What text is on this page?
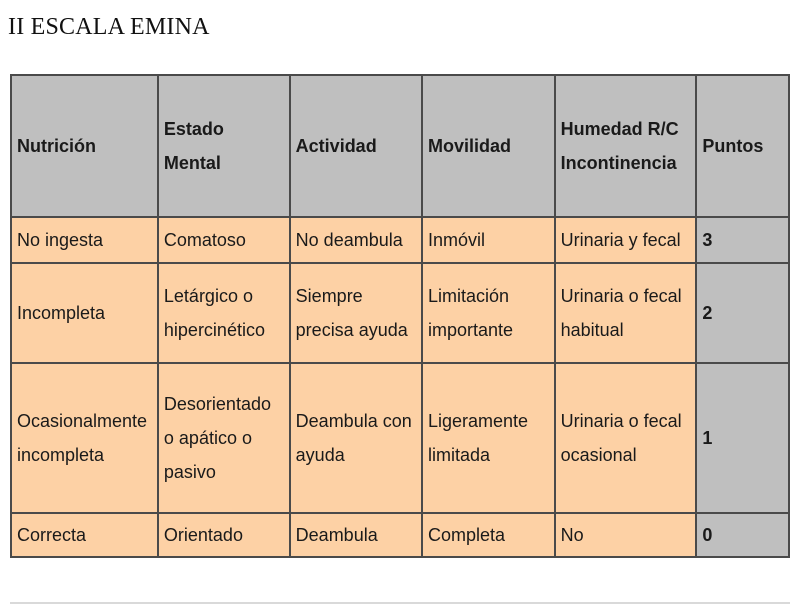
II ESCALA EMINA
Nutrición	Estado Mental	Actividad	Movilidad	Humedad R/C Incontinencia	Puntos
No ingesta	Comatoso	No deambula	Inmóvil	Urinaria y fecal	3
Incompleta	Letárgico o hipercinético	Siempre precisa ayuda	Limitación importante	Urinaria o fecal habitual	2
Ocasionalmente incompleta	Desorientado o apático o pasivo	Deambula con ayuda	Ligeramente limitada	Urinaria o fecal ocasional	1
Correcta	Orientado	Deambula	Completa	No	0
